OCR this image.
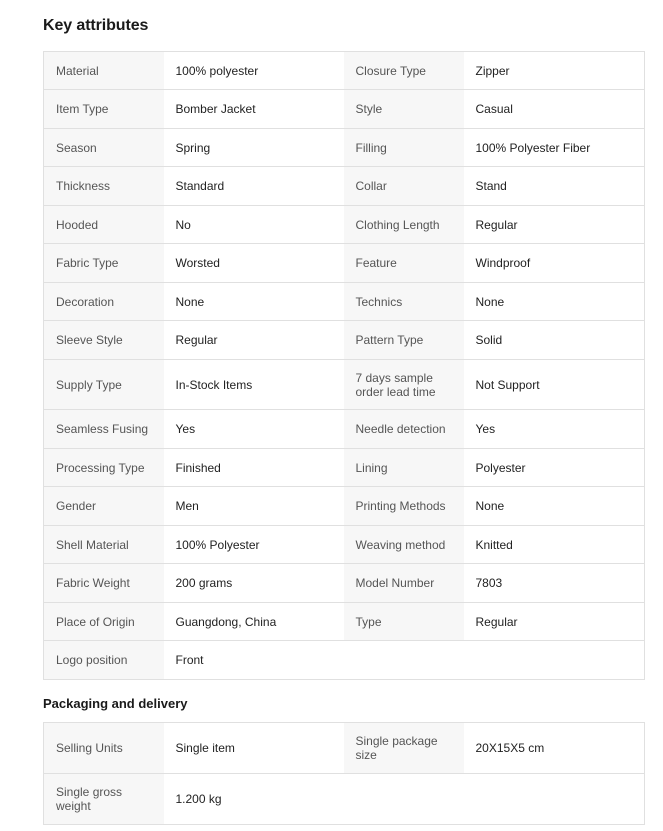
Key attributes
Material	100% polyester	Closure Type	Zipper
Item Type	Bomber Jacket	Style	Casual
Season	Spring	Filling	100% Polyester Fiber
Thickness	Standard	Collar	Stand
Hooded	No	Clothing Length	Regular
Fabric Type	Worsted	Feature	Windproof
Decoration	None	Technics	None
Sleeve Style	Regular	Pattern Type	Solid
Supply Type	In-Stock Items	7 days sample order lead time	Not Support
Seamless Fusing	Yes	Needle detection	Yes
Processing Type	Finished	Lining	Polyester
Gender	Men	Printing Methods	None
Shell Material	100% Polyester	Weaving method	Knitted
Fabric Weight	200 grams	Model Number	7803
Place of Origin	Guangdong, China	Type	Regular
Logo position	Front		
Packaging and delivery
Selling Units	Single item	Single package size	20X15X5 cm
Single gross weight	1.200 kg		
